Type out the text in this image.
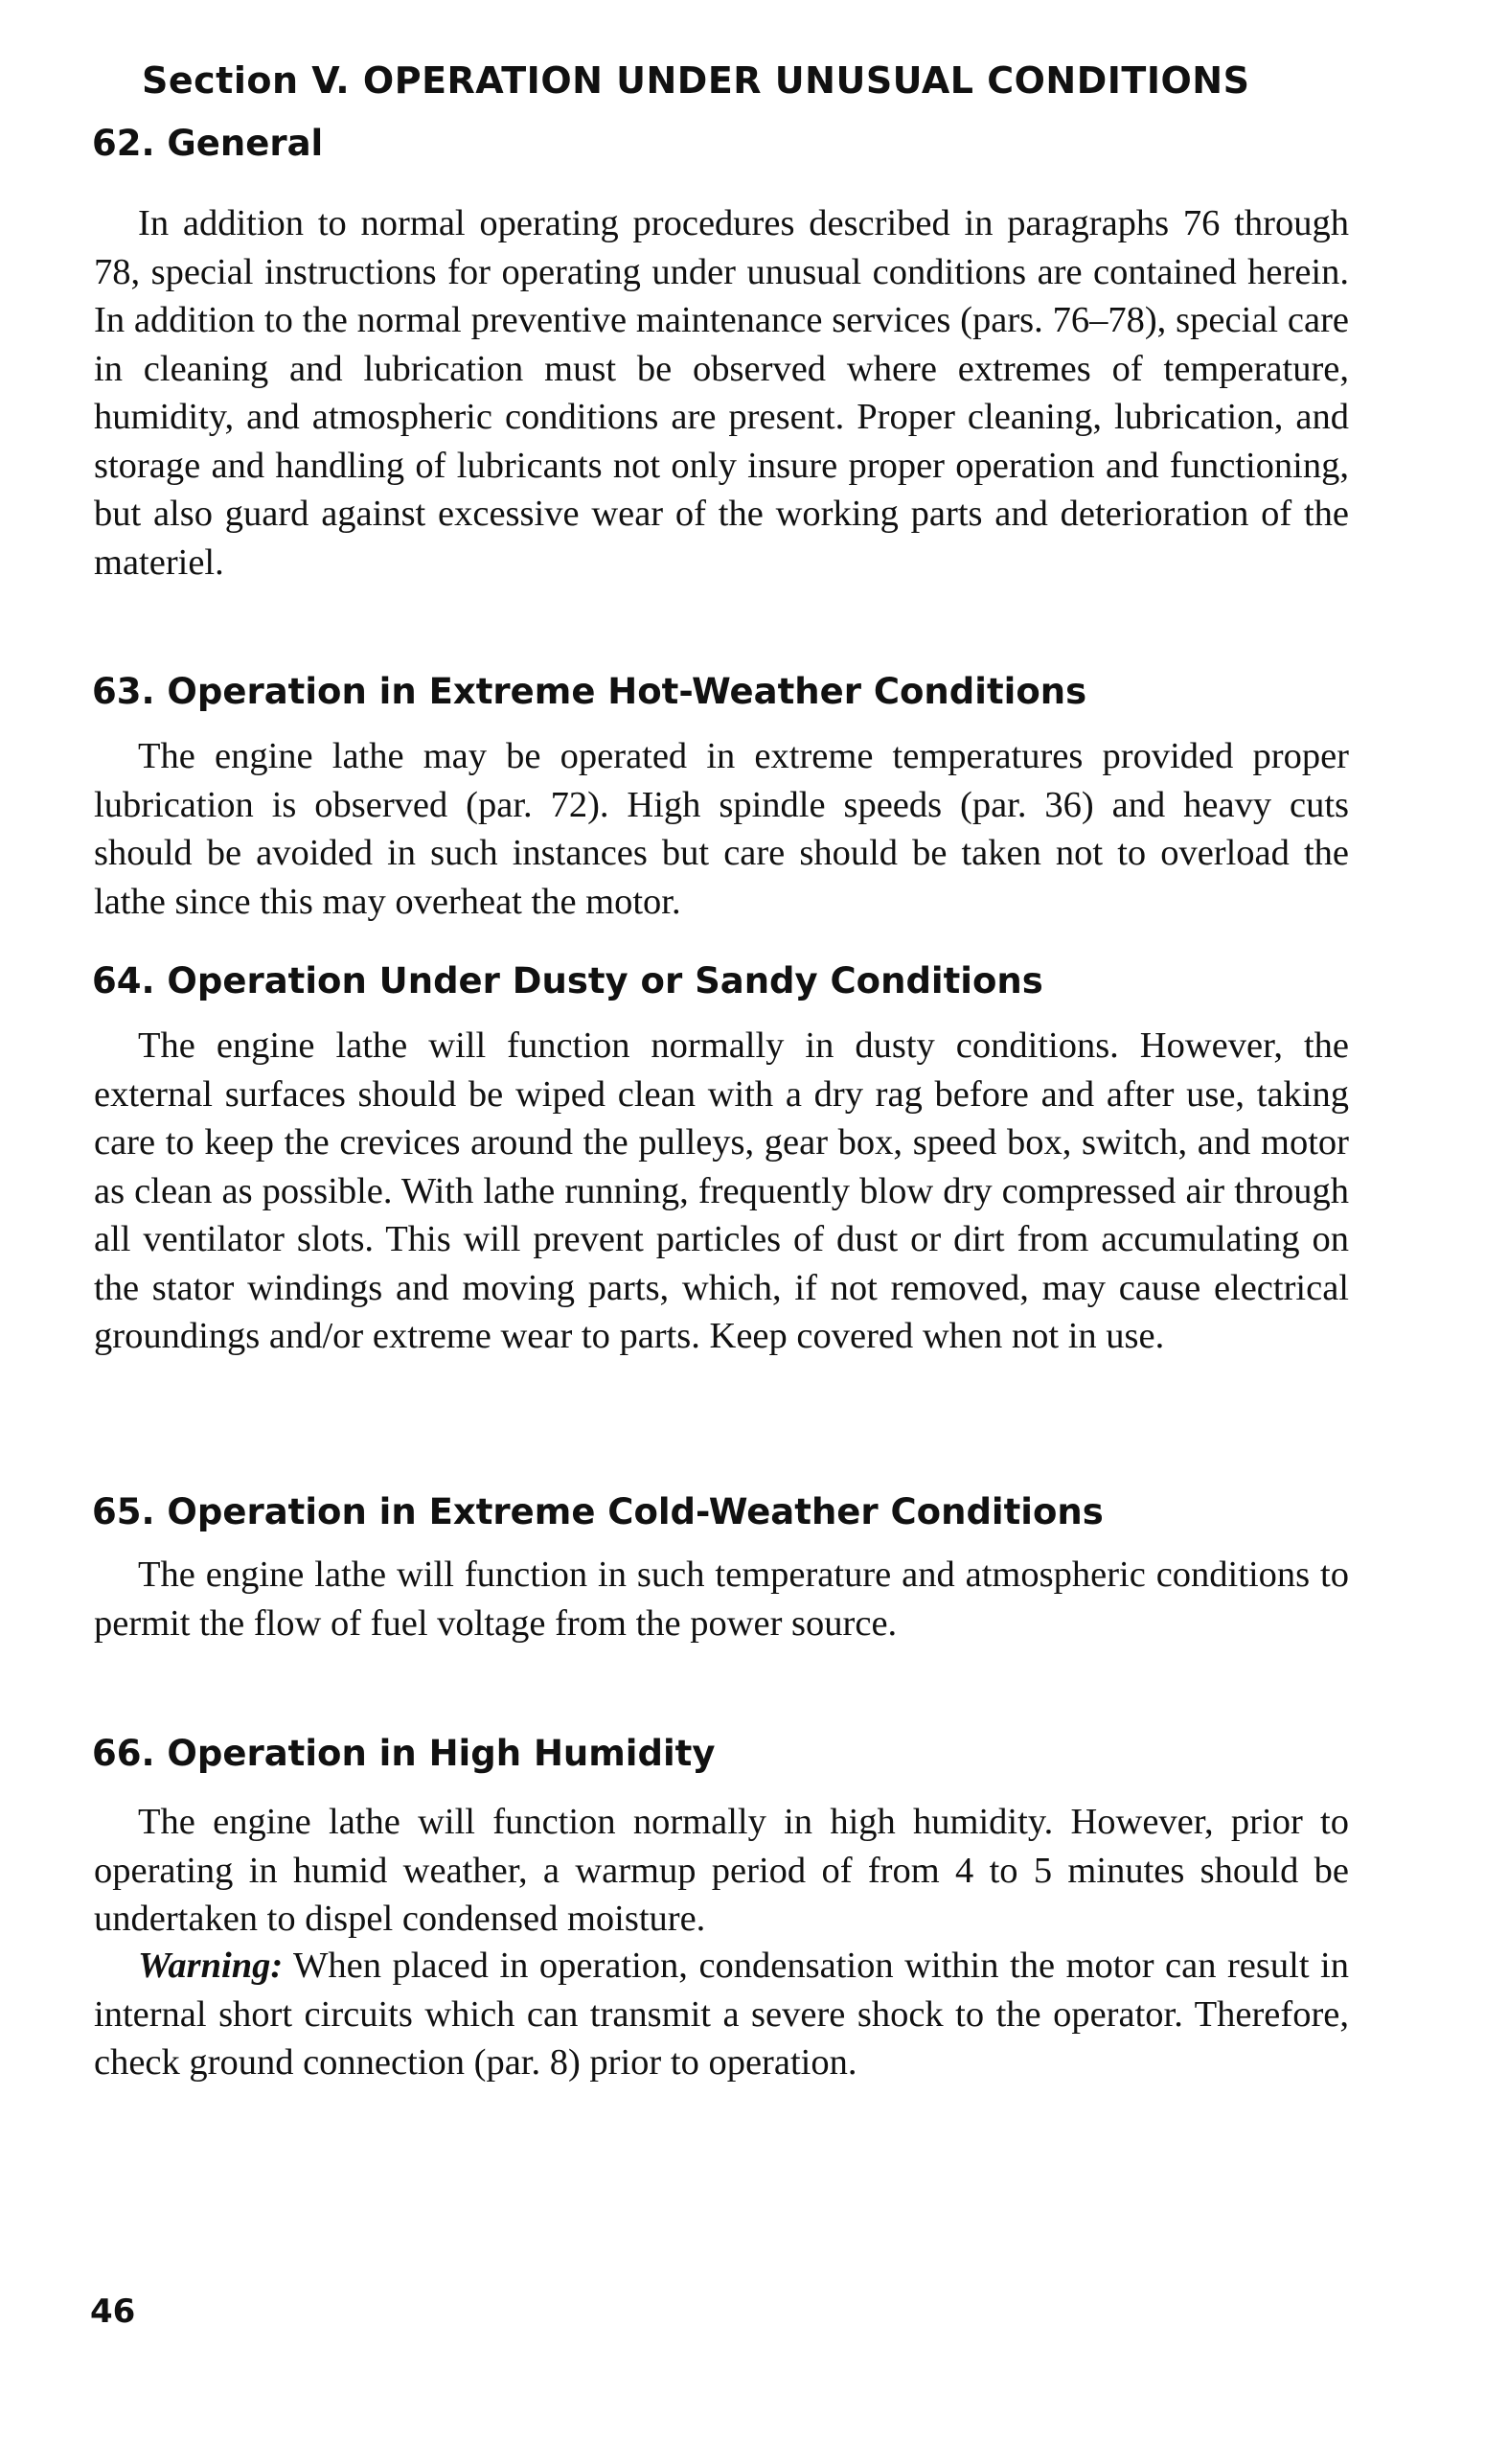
Section V. OPERATION UNDER UNUSUAL CONDITIONS
62. General

In addition to normal operating procedures described in paragraphs 76 through 78, special instructions for operating under unusual conditions are contained herein. In addition to the normal preventive maintenance services (pars. 76–78), special care in cleaning and lubrication must be observed where extremes of temperature, humidity, and atmospheric conditions are present. Proper cleaning, lubrication, and storage and handling of lubricants not only insure proper operation and functioning, but also guard against excessive wear of the working parts and deterioration of the materiel.

63. Operation in Extreme Hot-Weather Conditions

The engine lathe may be operated in extreme temperatures provided proper lubrication is observed (par. 72). High spindle speeds (par. 36) and heavy cuts should be avoided in such instances but care should be taken not to overload the lathe since this may overheat the motor.

64. Operation Under Dusty or Sandy Conditions

The engine lathe will function normally in dusty conditions. However, the external surfaces should be wiped clean with a dry rag before and after use, taking care to keep the crevices around the pulleys, gear box, speed box, switch, and motor as clean as possible. With lathe running, frequently blow dry compressed air through all ventilator slots. This will prevent particles of dust or dirt from accumulating on the stator windings and moving parts, which, if not removed, may cause electrical groundings and/or extreme wear to parts. Keep covered when not in use.

65. Operation in Extreme Cold-Weather Conditions

The engine lathe will function in such temperature and atmospheric conditions to permit the flow of fuel voltage from the power source.

66. Operation in High Humidity

The engine lathe will function normally in high humidity. However, prior to operating in humid weather, a warmup period of from 4 to 5 minutes should be undertaken to dispel condensed moisture.

Warning: When placed in operation, condensation within the motor can result in internal short circuits which can transmit a severe shock to the operator. Therefore, check ground connection (par. 8) prior to operation.

46
